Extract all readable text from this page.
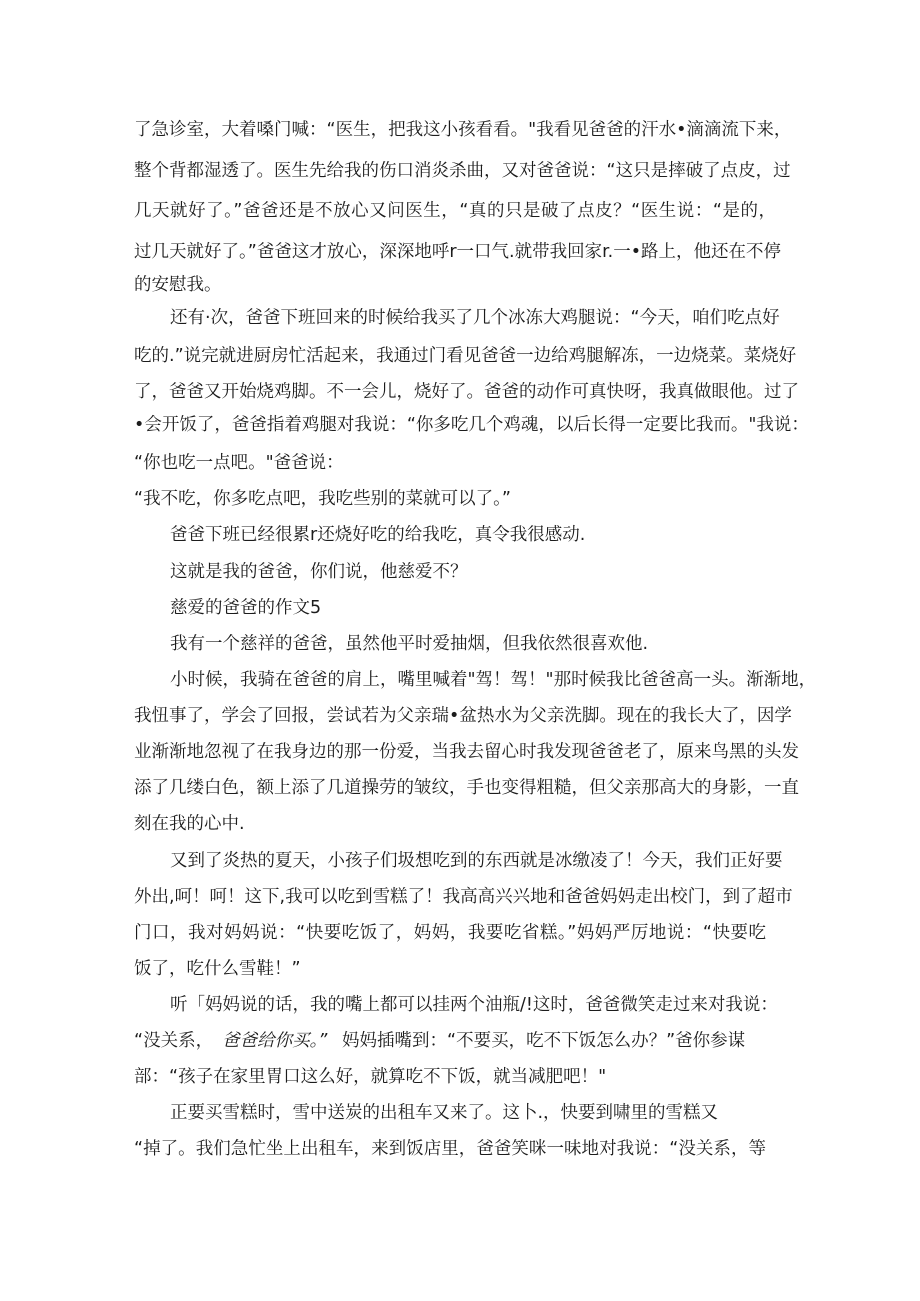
了急诊室，大着嗓门喊：“医生，把我这小孩看看。"我看见爸爸的汗水•滴滴流下来，

整个背都湿透了。医生先给我的伤口消炎杀曲，又对爸爸说：“这只是摔破了点皮，过

几天就好了。”爸爸还是不放心又问医生，“真的只是破了点皮？“医生说：“是的，

过几天就好了。”爸爸这才放心，深深地呼r一口气.就带我回家r.一•路上，他还在不停

的安慰我。

还有·次，爸爸下班回来的时候给我买了几个冰冻大鸡腿说：“今天，咱们吃点好

吃的.”说完就进厨房忙活起来，我通过门看见爸爸一边给鸡腿解冻，一边烧菜。菜烧好

了，爸爸又开始烧鸡脚。不一会儿，烧好了。爸爸的动作可真快呀，我真做眼他。过了

•会开饭了，爸爸指着鸡腿对我说：“你多吃几个鸡魂，以后长得一定要比我而。"我说：

“你也吃一点吧。"爸爸说：

“我不吃，你多吃点吧，我吃些别的菜就可以了。”

爸爸下班已经很累r还烧好吃的给我吃，真令我很感动.

这就是我的爸爸，你们说，他慈爱不？

慈爱的爸爸的作文5

我有一个慈祥的爸爸，虽然他平时爱抽烟，但我依然很喜欢他.

小时候，我骑在爸爸的肩上，嘴里喊着"驾！驾！"那时候我比爸爸高一头。渐渐地，

我忸事了，学会了回报，尝试若为父亲瑞•盆热水为父亲洗脚。现在的我长大了，因学

业渐渐地忽视了在我身边的那一份爱，当我去留心时我发现爸爸老了，原来鸟黑的头发

添了几缕白色，额上添了几道操劳的皱纹，手也变得粗糙，但父亲那高大的身影，一直

刻在我的心中.

又到了炎热的夏天，小孩子们圾想吃到的东西就是冰缴凌了！今天，我们正好要

外出,呵！呵！这下,我可以吃到雪糕了！我高高兴兴地和爸爸妈妈走出校门，到了超市

门口，我对妈妈说：“快要吃饭了，妈妈，我要吃省糕。”妈妈严厉地说：“快要吃

饭了，吃什么雪鞋！”

听「妈妈说的话，我的嘴上都可以挂两个油瓶/!这时，爸爸微笑走过来对我说：

“没关系， 爸爸给你买。” 妈妈插嘴到：“不要买，吃不下饭怎么办？”爸你参谋

部：“孩子在家里胃口这么好，就算吃不下饭，就当减肥吧！"

正要买雪糕时，雪中送炭的出租车又来了。这卜.，快要到啸里的雪糕又

“掉了。我们急忙坐上出租车，来到饭店里，爸爸笑咪一味地对我说：“没关系，等
